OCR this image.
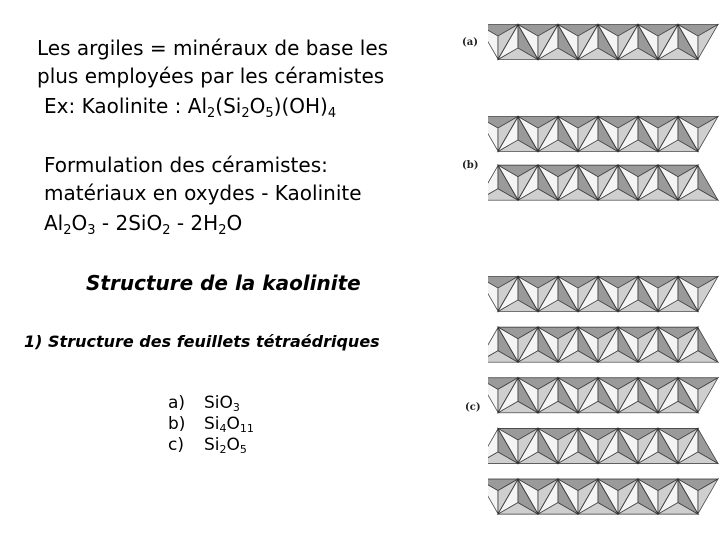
Les argiles = minéraux de base les
plus employées par les céramistes
Ex: Kaolinite : $Al_2(Si_2O_5)(OH)_4$
Formulation des céramistes:
matériaux en oxydes - Kaolinite
$Al_2O_3 - 2SiO_2 - 2H_2O$
Structure de la kaolinite
1) Structure des feuillets tétraédriques
a) SiO$_3$
b) $Si_4O_{11}$
c) $Si_2O_5$
(a)
(b)
(c)
